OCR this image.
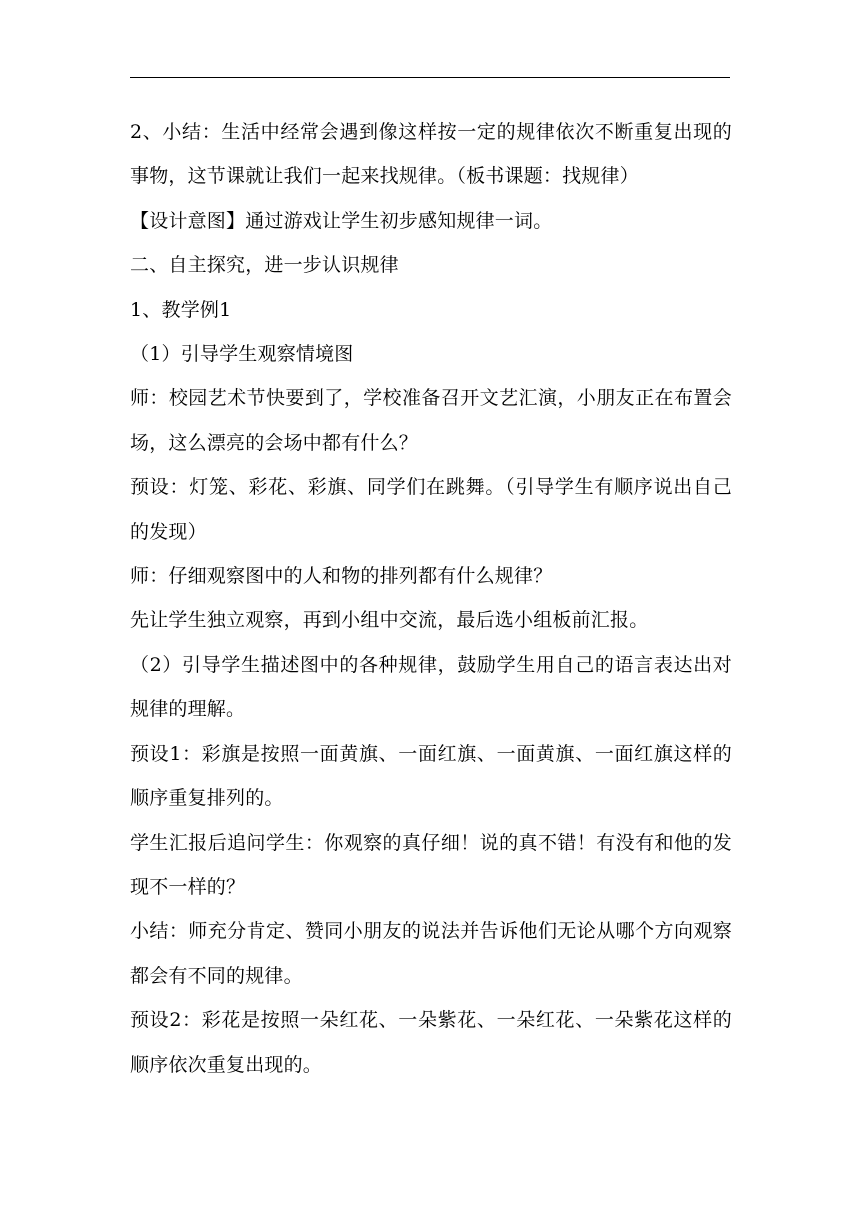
2、小结：生活中经常会遇到像这样按一定的规律依次不断重复出现的事物，这节课就让我们一起来找规律。（板书课题：找规律）

【设计意图】通过游戏让学生初步感知规律一词。

二、自主探究，进一步认识规律

1、教学例1

（1）引导学生观察情境图

师：校园艺术节快要到了，学校准备召开文艺汇演，小朋友正在布置会场，这么漂亮的会场中都有什么？

预设：灯笼、彩花、彩旗、同学们在跳舞。（引导学生有顺序说出自己的发现）

师：仔细观察图中的人和物的排列都有什么规律？

先让学生独立观察，再到小组中交流，最后选小组板前汇报。

（2）引导学生描述图中的各种规律，鼓励学生用自己的语言表达出对规律的理解。

预设1：彩旗是按照一面黄旗、一面红旗、一面黄旗、一面红旗这样的顺序重复排列的。

学生汇报后追问学生：你观察的真仔细！说的真不错！有没有和他的发现不一样的？

小结：师充分肯定、赞同小朋友的说法并告诉他们无论从哪个方向观察都会有不同的规律。

预设2：彩花是按照一朵红花、一朵紫花、一朵红花、一朵紫花这样的顺序依次重复出现的。
